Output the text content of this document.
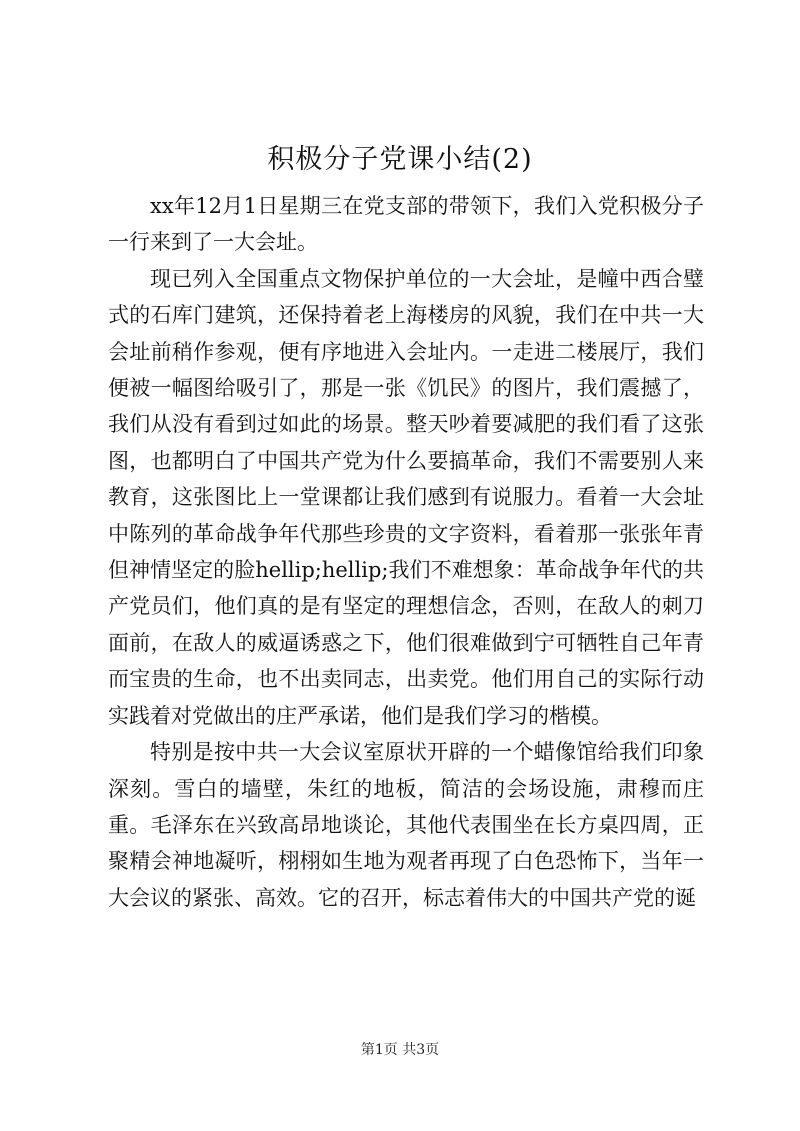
积极分子党课小结(2)

xx年12月1日星期三在党支部的带领下，我们入党积极分子一行来到了一大会址。

现已列入全国重点文物保护单位的一大会址，是幢中西合璧式的石库门建筑，还保持着老上海楼房的风貌，我们在中共一大会址前稍作参观，便有序地进入会址内。一走进二楼展厅，我们便被一幅图给吸引了，那是一张《饥民》的图片，我们震撼了，我们从没有看到过如此的场景。整天吵着要减肥的我们看了这张图，也都明白了中国共产党为什么要搞革命，我们不需要别人来教育，这张图比上一堂课都让我们感到有说服力。看着一大会址中陈列的革命战争年代那些珍贵的文字资料，看着那一张张年青但神情坚定的脸hellip;hellip;我们不难想象：革命战争年代的共产党员们，他们真的是有坚定的理想信念，否则，在敌人的刺刀面前，在敌人的威逼诱惑之下，他们很难做到宁可牺牲自己年青而宝贵的生命，也不出卖同志，出卖党。他们用自己的实际行动实践着对党做出的庄严承诺，他们是我们学习的楷模。

特别是按中共一大会议室原状开辟的一个蜡像馆给我们印象深刻。雪白的墙壁，朱红的地板，简洁的会场设施，肃穆而庄重。毛泽东在兴致高昂地谈论，其他代表围坐在长方桌四周，正聚精会神地凝听，栩栩如生地为观者再现了白色恐怖下，当年一大会议的紧张、高效。它的召开，标志着伟大的中国共产党的诞

第1页 共3页
